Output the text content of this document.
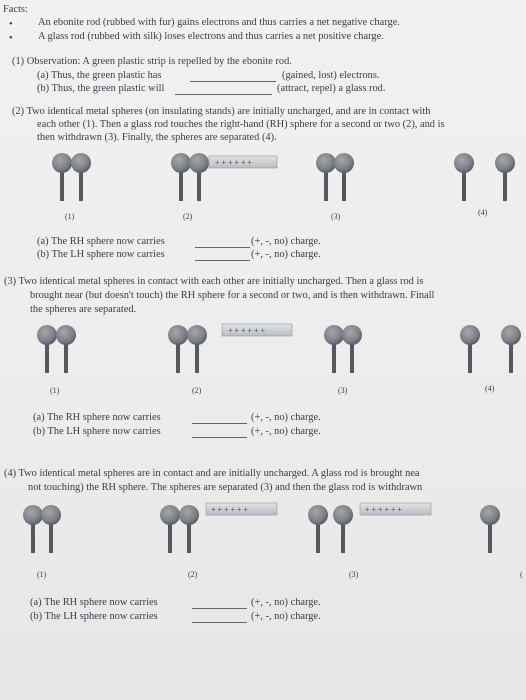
Facts:
• An ebonite rod (rubbed with fur) gains electrons and thus carries a net negative charge.
• A glass rod (rubbed with silk) loses electrons and thus carries a net positive charge.
(1) Observation: A green plastic strip is repelled by the ebonite rod.
(a) Thus, the green plastic has	(gained, lost) electrons.
(b) Thus, the green plastic will	(attract, repel) a glass rod.
(2) Two identical metal spheres (on insulating stands) are initially uncharged, and are in contact with
each other (1). Then a glass rod touches the right-hand (RH) sphere for a second or two (2), and is
then withdrawn (3). Finally, the spheres are separated (4).
+ + + + + +
(1)	(2)	(3)	(4)
(a) The RH sphere now carries	(+, -, no) charge.
(b) The LH sphere now carries	(+, -, no) charge.
(3) Two identical metal spheres in contact with each other are initially uncharged. Then a glass rod is
brought near (but doesn't touch) the RH sphere for a second or two, and is then withdrawn. Finall
the spheres are separated.
+ + + + + +
(1)	(2)	(3)	(4)
(a) The RH sphere now carries	(+, -, no) charge.
(b) The LH sphere now carries	(+, -, no) charge.
(4) Two identical metal spheres are in contact and are initially uncharged. A glass rod is brought nea
not touching) the RH sphere. The spheres are separated (3) and then the glass rod is withdrawn
+ + + + + +	+ + + + + +
(1)	(2)	(3)	(
(a) The RH sphere now carries	(+, -, no) charge.
(b) The LH sphere now carries	(+, -, no) charge.
